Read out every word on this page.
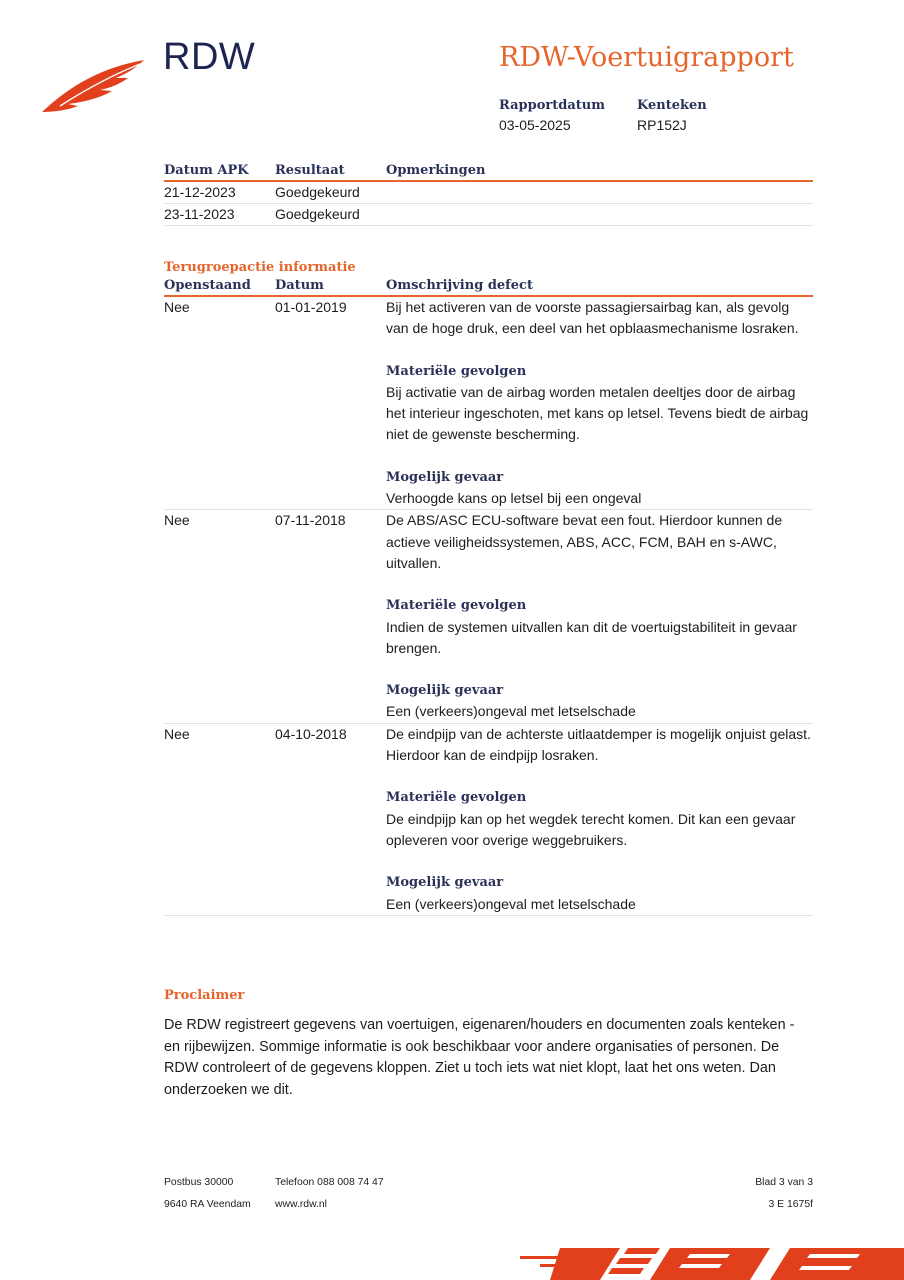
RDW	RDW-Voertuigrapport
Rapportdatum
03-05-2025
Kenteken
RP152J
Datum APK	Resultaat	Opmerkingen
21-12-2023	Goedgekeurd
23-11-2023	Goedgekeurd
Terugroepactie informatie
Openstaand	Datum	Omschrijving defect
Nee	01-01-2019	Bij het activeren van de voorste passagiersairbag kan, als gevolg van de hoge druk, een deel van het opblaasmechanisme losraken.

Materiële gevolgen

Bij activatie van de airbag worden metalen deeltjes door de airbag het interieur ingeschoten, met kans op letsel. Tevens biedt de airbag niet de gewenste bescherming.

Mogelijk gevaar

Verhoogde kans op letsel bij een ongeval

Nee	07-11-2018	De ABS/ASC ECU-software bevat een fout. Hierdoor kunnen de actieve veiligheidssystemen, ABS, ACC, FCM, BAH en s-AWC, uitvallen.

Materiële gevolgen

Indien de systemen uitvallen kan dit de voertuigstabiliteit in gevaar brengen.

Mogelijk gevaar

Een (verkeers)ongeval met letselschade

Nee	04-10-2018	De eindpijp van de achterste uitlaatdemper is mogelijk onjuist gelast. Hierdoor kan de eindpijp losraken.

Materiële gevolgen

De eindpijp kan op het wegdek terecht komen. Dit kan een gevaar opleveren voor overige weggebruikers.

Mogelijk gevaar

Een (verkeers)ongeval met letselschade

Proclaimer
De RDW registreert gegevens van voertuigen, eigenaren/houders en documenten zoals kenteken - en rijbewijzen. Sommige informatie is ook beschikbaar voor andere organisaties of personen. De RDW controleert of de gegevens kloppen. Ziet u toch iets wat niet klopt, laat het ons weten. Dan onderzoeken we dit.
Postbus 30000
9640 RA Veendam
Telefoon 088 008 74 47
www.rdw.nl
Blad 3 van 3
3 E 1675f
